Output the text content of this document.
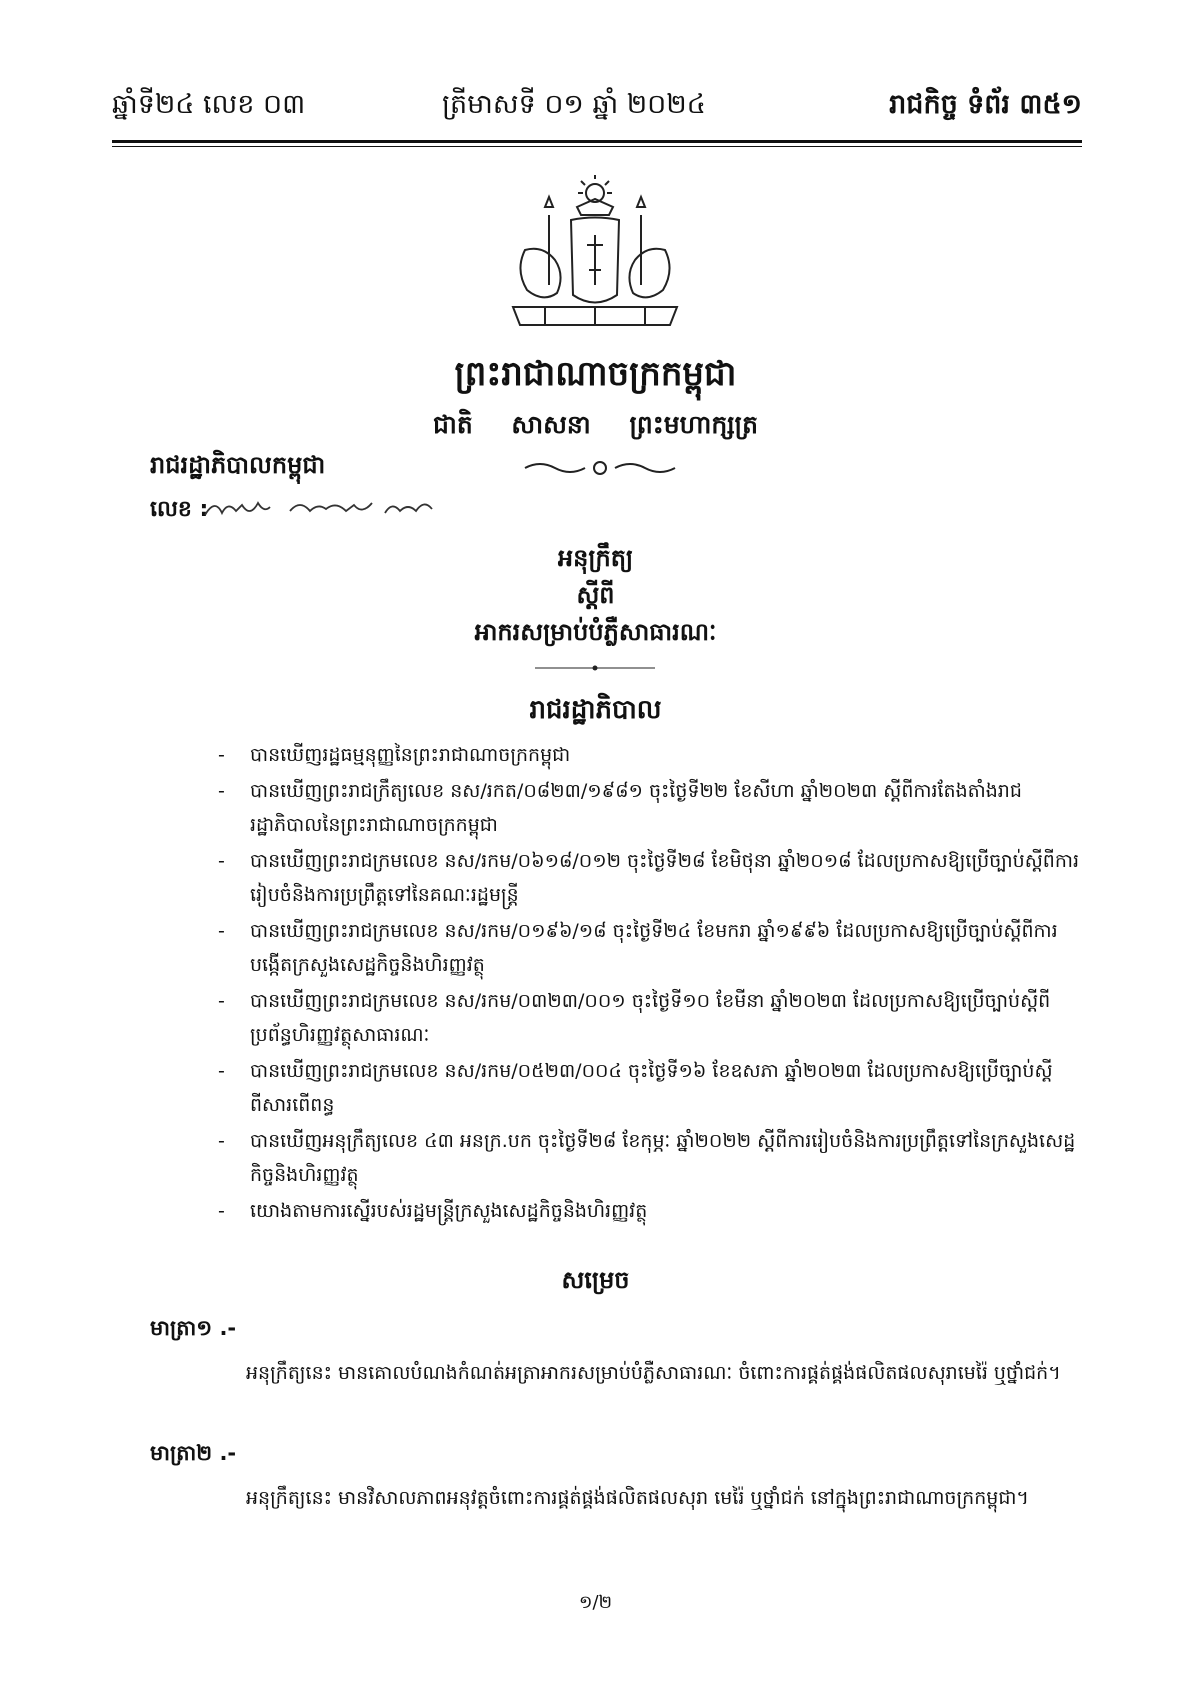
ឆ្នាំទី២៤ លេខ ០៣	ត្រីមាសទី ០១ ឆ្នាំ ២០២៤	រាជកិច្ច ទំព័រ ៣៥១
ព្រះរាជាណាចក្រកម្ពុជា
ជាតិ សាសនា ព្រះមហាក្សត្រ
រាជរដ្ឋាភិបាលកម្ពុជា
លេខ :
អនុក្រឹត្យ
ស្តីពី
អាករសម្រាប់បំភ្លឺសាធារណៈ
រាជរដ្ឋាភិបាល
- បានឃើញរដ្ឋធម្មនុញ្ញនៃព្រះរាជាណាចក្រកម្ពុជា
- បានឃើញព្រះរាជក្រឹត្យលេខ នស/រកត/០៨២៣/១៩៨១ ចុះថ្ងៃទី២២ ខែសីហា ឆ្នាំ២០២៣ ស្តីពីការតែងតាំងរាជរដ្ឋាភិបាលនៃព្រះរាជាណាចក្រកម្ពុជា
- បានឃើញព្រះរាជក្រមលេខ នស/រកម/០៦១៨/០១២ ចុះថ្ងៃទី២៨ ខែមិថុនា ឆ្នាំ២០១៨ ដែលប្រកាសឱ្យប្រើច្បាប់ស្តីពីការរៀបចំនិងការប្រព្រឹត្តទៅនៃគណៈរដ្ឋមន្ត្រី
- បានឃើញព្រះរាជក្រមលេខ នស/រកម/០១៩៦/១៨ ចុះថ្ងៃទី២៤ ខែមករា ឆ្នាំ១៩៩៦ ដែលប្រកាសឱ្យប្រើច្បាប់ស្តីពីការបង្កើតក្រសួងសេដ្ឋកិច្ចនិងហិរញ្ញវត្ថុ
- បានឃើញព្រះរាជក្រមលេខ នស/រកម/០៣២៣/០០១ ចុះថ្ងៃទី១០ ខែមីនា ឆ្នាំ២០២៣ ដែលប្រកាសឱ្យប្រើច្បាប់ស្តីពីប្រព័ន្ធហិរញ្ញវត្ថុសាធារណៈ
- បានឃើញព្រះរាជក្រមលេខ នស/រកម/០៥២៣/០០៤ ចុះថ្ងៃទី១៦ ខែឧសភា ឆ្នាំ២០២៣ ដែលប្រកាសឱ្យប្រើច្បាប់ស្តីពីសារពើពន្ធ
- បានឃើញអនុក្រឹត្យលេខ ៤៣ អនក្រ.បក ចុះថ្ងៃទី២៨ ខែកុម្ភៈ ឆ្នាំ២០២២ ស្តីពីការរៀបចំនិងការប្រព្រឹត្តទៅនៃក្រសួងសេដ្ឋកិច្ចនិងហិរញ្ញវត្ថុ
- យោងតាមការស្នើរបស់រដ្ឋមន្ត្រីក្រសួងសេដ្ឋកិច្ចនិងហិរញ្ញវត្ថុ
សម្រេច
មាត្រា១ .-
អនុក្រឹត្យនេះ មានគោលបំណងកំណត់អត្រាអាករសម្រាប់បំភ្លឺសាធារណៈ ចំពោះការផ្គត់ផ្គង់ផលិតផលសុរាមេរ៉ៃ ឬថ្នាំជក់។
មាត្រា២ .-
អនុក្រឹត្យនេះ មានវិសាលភាពអនុវត្តចំពោះការផ្គត់ផ្គង់ផលិតផលសុរា មេរ៉ៃ ឬថ្នាំជក់ នៅក្នុងព្រះរាជាណាចក្រកម្ពុជា។
១/២
